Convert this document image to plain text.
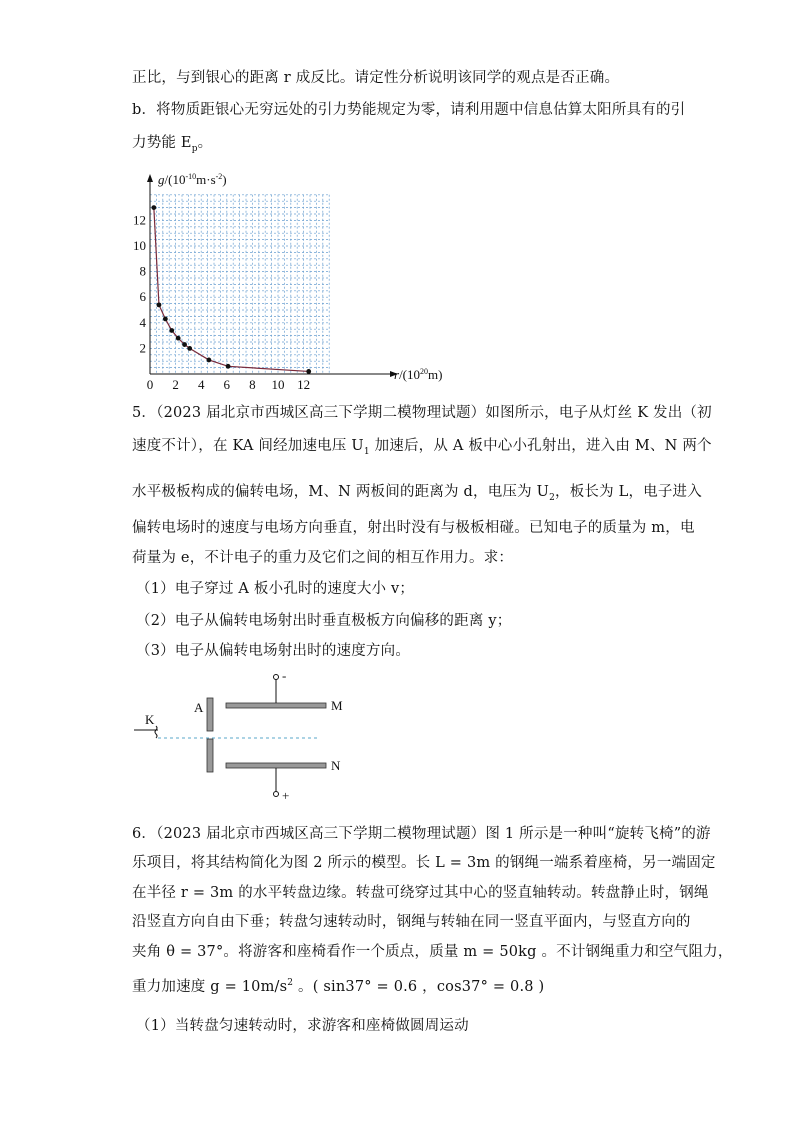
正比，与到银心的距离 r 成反比。请定性分析说明该同学的观点是否正确。
b．将物质距银心无穷远处的引力势能规定为零，请利用题中信息估算太阳所具有的引
力势能 $E_p$。
0 2 4 6 8 10 12
2
4
6
8
10
12
$g/(10^{-10}m\cdot s^{-2})$
$r/(10^{20}m)$
5．（2023 届北京市西城区高三下学期二模物理试题）如图所示，电子从灯丝 K 发出（初
速度不计），在 KA 间经加速电压 $U_1$ 加速后，从 A 板中心小孔射出，进入由 M、N 两个
水平极板构成的偏转电场，M、N 两板间的距离为 d，电压为 $U_2$，板长为 L，电子进入
偏转电场时的速度与电场方向垂直，射出时没有与极板相碰。已知电子的质量为 m，电
荷量为 e，不计电子的重力及它们之间的相互作用力。求：
（1）电子穿过 A 板小孔时的速度大小 v；
（2）电子从偏转电场射出时垂直极板方向偏移的距离 y；
（3）电子从偏转电场射出时的速度方向。
K
A
-
+
M
N
6．（2023 届北京市西城区高三下学期二模物理试题）图 1 所示是一种叫“旋转飞椅”的游
乐项目，将其结构简化为图 2 所示的模型。长 L = 3m 的钢绳一端系着座椅，另一端固定
在半径 r = 3m 的水平转盘边缘。转盘可绕穿过其中心的竖直轴转动。转盘静止时，钢绳
沿竖直方向自由下垂；转盘匀速转动时，钢绳与转轴在同一竖直平面内，与竖直方向的
夹角 θ = 37°。将游客和座椅看作一个质点，质量 m = 50kg 。不计钢绳重力和空气阻力，
重力加速度 $g = 10m/s^2$ 。( sin37° = 0.6 ，cos37° = 0.8 )
（1）当转盘匀速转动时，求游客和座椅做圆周运动
